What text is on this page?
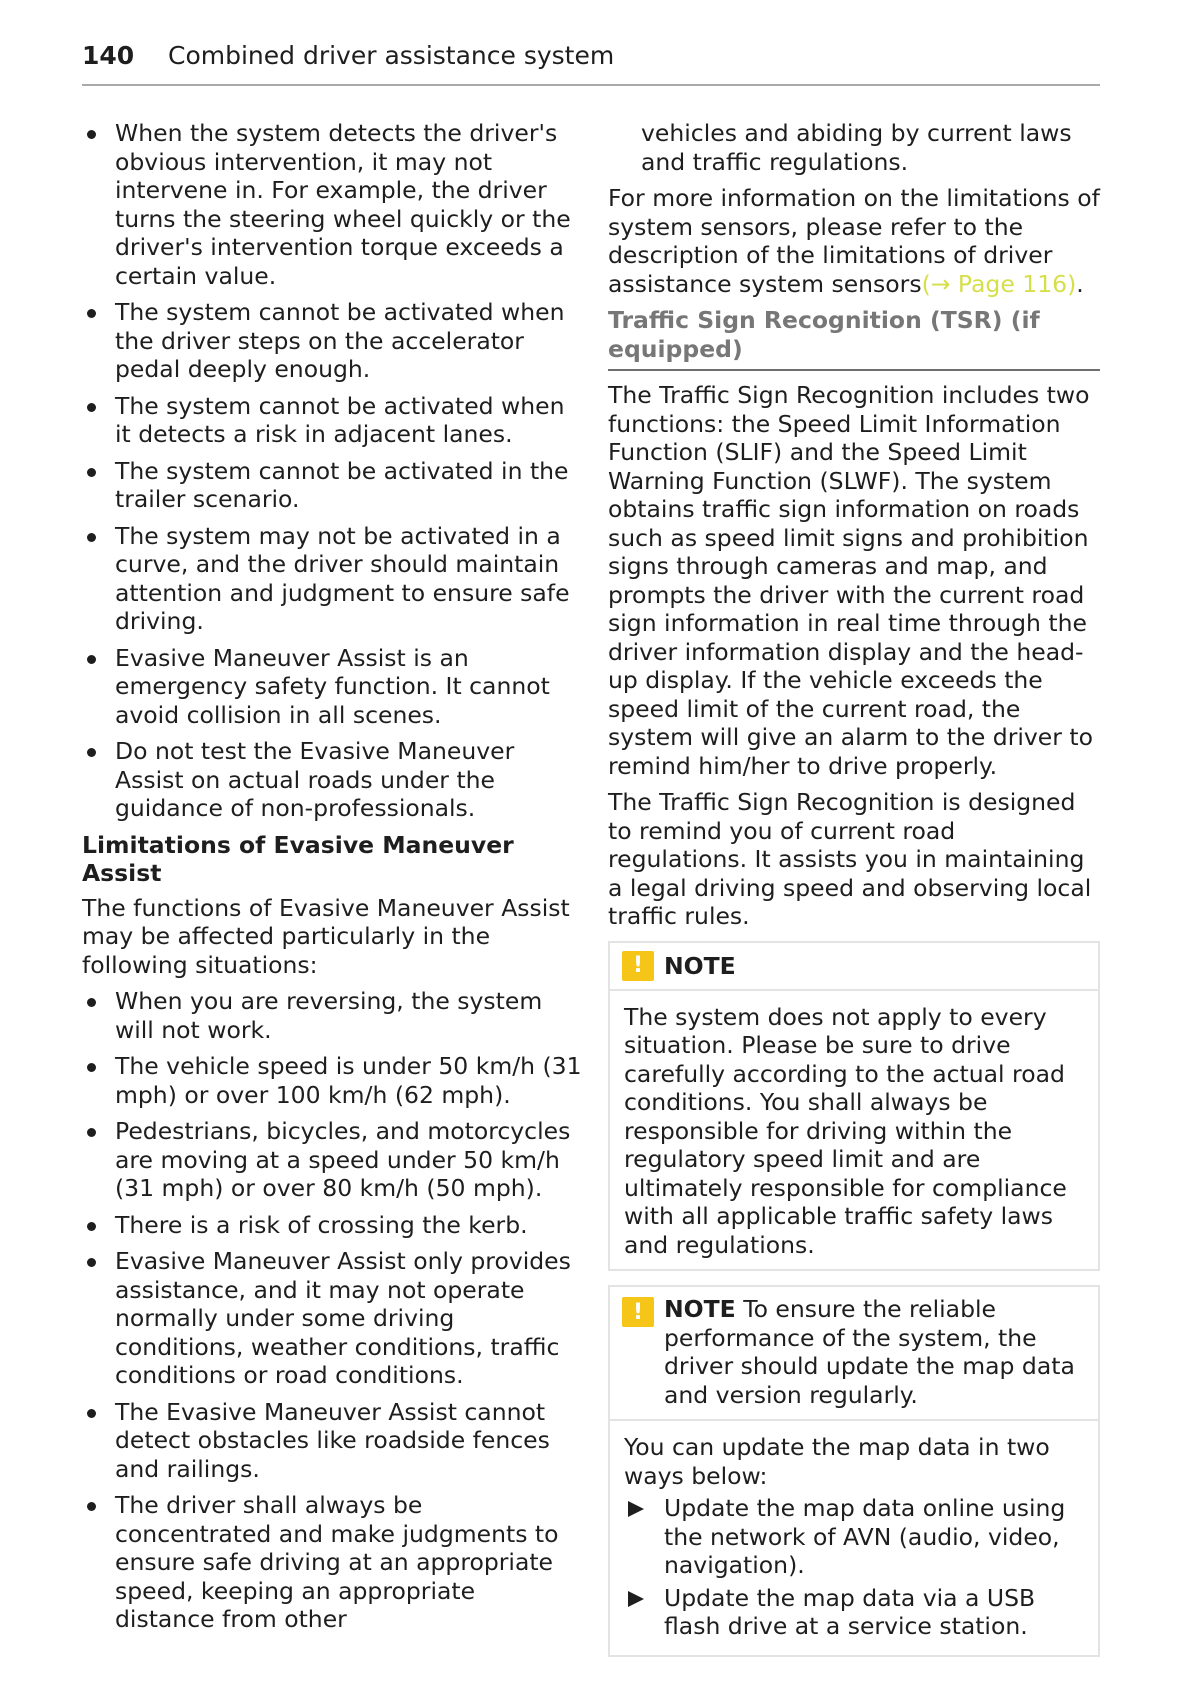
140	Combined driver assistance system
When the system detects the driver's obvious intervention, it may not intervene in. For example, the driver turns the steering wheel quickly or the driver's intervention torque exceeds a certain value.
The system cannot be activated when the driver steps on the accelerator pedal deeply enough.
The system cannot be activated when it detects a risk in adjacent lanes.
The system cannot be activated in the trailer scenario.
The system may not be activated in a curve, and the driver should maintain attention and judgment to ensure safe driving.
Evasive Maneuver Assist is an emergency safety function. It cannot avoid collision in all scenes.
Do not test the Evasive Maneuver Assist on actual roads under the guidance of non-professionals.

Limitations of Evasive Maneuver Assist

The functions of Evasive Maneuver Assist may be affected particularly in the following situations:

When you are reversing, the system will not work.
The vehicle speed is under 50 km/h (31 mph) or over 100 km/h (62 mph).
Pedestrians, bicycles, and motorcycles are moving at a speed under 50 km/h (31 mph) or over 80 km/h (50 mph).
There is a risk of crossing the kerb.
Evasive Maneuver Assist only provides assistance, and it may not operate normally under some driving conditions, weather conditions, traffic conditions or road conditions.
The Evasive Maneuver Assist cannot detect obstacles like roadside fences and railings.
The driver shall always be concentrated and make judgments to ensure safe driving at an appropriate speed, keeping an appropriate distance from other

vehicles and abiding by current laws and traffic regulations.

For more information on the limitations of system sensors, please refer to the description of the limitations of driver assistance system sensors(→ Page 116).

Traffic Sign Recognition (TSR) (if equipped)

The Traffic Sign Recognition includes two functions: the Speed Limit Information Function (SLIF) and the Speed Limit Warning Function (SLWF). The system obtains traffic sign information on roads such as speed limit signs and prohibition signs through cameras and map, and prompts the driver with the current road sign information in real time through the driver information display and the head-up display. If the vehicle exceeds the speed limit of the current road, the system will give an alarm to the driver to remind him/her to drive properly.

The Traffic Sign Recognition is designed to remind you of current road regulations. It assists you in maintaining a legal driving speed and observing local traffic rules.

! NOTE
The system does not apply to every situation. Please be sure to drive carefully according to the actual road conditions. You shall always be responsible for driving within the regulatory speed limit and are ultimately responsible for compliance with all applicable traffic safety laws and regulations.
! NOTE To ensure the reliable performance of the system, the driver should update the map data and version regularly.
You can update the map data in two ways below:
Update the map data online using the network of AVN (audio, video, navigation).
Update the map data via a USB flash drive at a service station.
